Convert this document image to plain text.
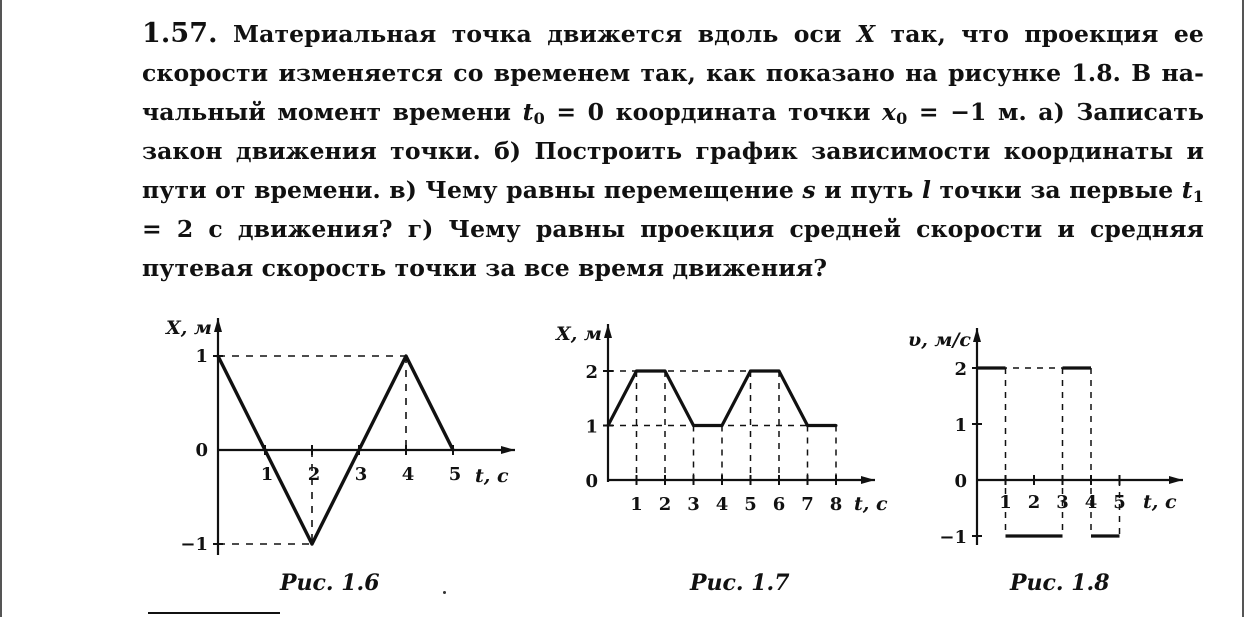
1.57. Материальная точка движется вдоль оси X так, что проекция ее скорости изменяется со временем так, как показано на рисунке 1.8. В на- чальный момент времени $t_0 = 0$ координата точки $x_0 = -1$ м. а) Записать закон движения точки. б) Построить график зависимости координаты и пути от времени. в) Чему равны перемещение s и путь l точки за первые $t_1 = 2$ с движения? г) Чему равны проекция средней скорости и средняя путевая скорость точки за все время движения?
X, м
t, с
1
0
−1
1 2 3 4 5
X, м
t, с
2
1
0
1 2 3 4 5 6 7 8
υ, м/с
t, с
2
1
0
−1
1 2 3 4 5
Рис. 1.6	Рис. 1.7	Рис. 1.8
